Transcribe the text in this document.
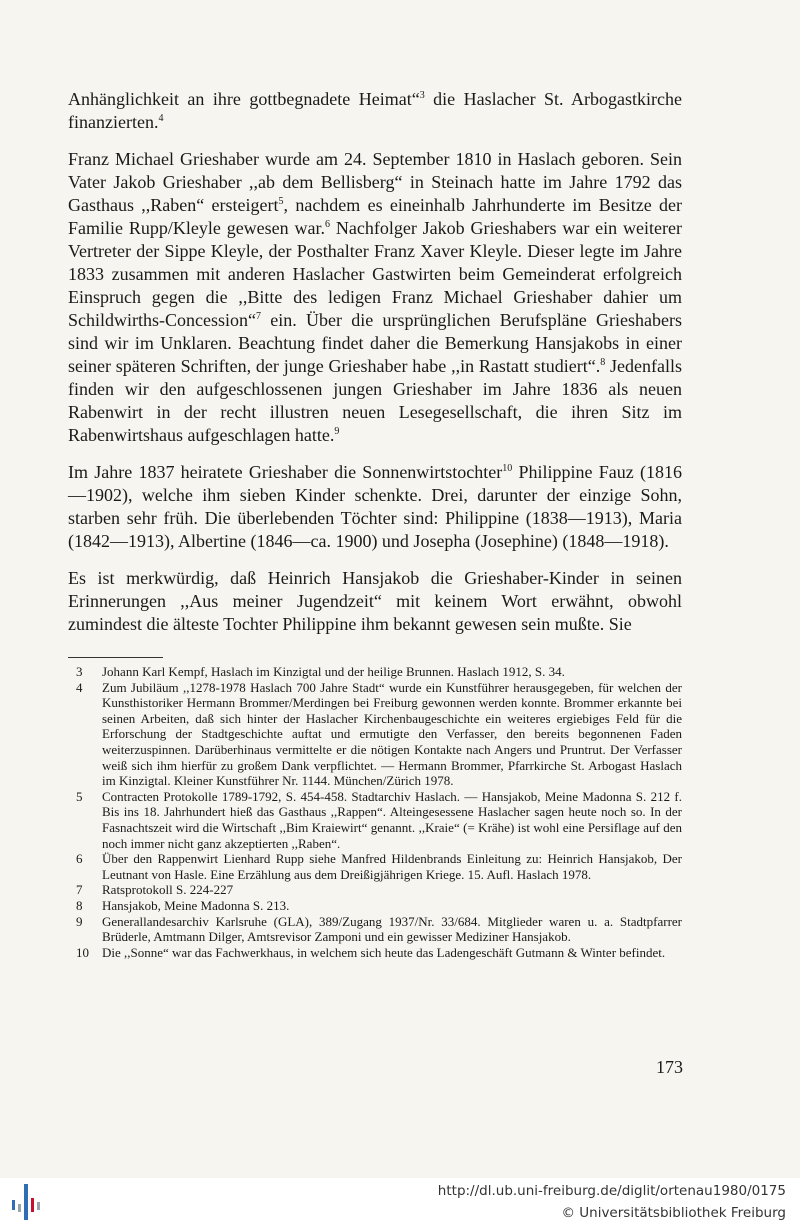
Anhänglichkeit an ihre gottbegnadete Heimat“$^3$ die Haslacher St. Arbogastkirche finanzierten.$^4$

Franz Michael Grieshaber wurde am 24. September 1810 in Haslach geboren. Sein Vater Jakob Grieshaber ,,ab dem Bellisberg“ in Steinach hatte im Jahre 1792 das Gasthaus ,,Raben“ ersteigert$^5$, nachdem es eineinhalb Jahrhunderte im Besitze der Familie Rupp/Kleyle gewesen war.$^6$ Nachfolger Jakob Grieshabers war ein weiterer Vertreter der Sippe Kleyle, der Posthalter Franz Xaver Kleyle. Dieser legte im Jahre 1833 zusammen mit anderen Haslacher Gastwirten beim Gemeinderat erfolgreich Einspruch gegen die ,,Bitte des ledigen Franz Michael Grieshaber dahier um Schildwirths-Concession“$^7$ ein. Über die ursprünglichen Berufspläne Grieshabers sind wir im Unklaren. Beachtung findet daher die Bemerkung Hansjakobs in einer seiner späteren Schriften, der junge Grieshaber habe ,,in Rastatt studiert“.$^8$ Jedenfalls finden wir den aufgeschlossenen jungen Grieshaber im Jahre 1836 als neuen Rabenwirt in der recht illustren neuen Lesegesellschaft, die ihren Sitz im Rabenwirtshaus aufgeschlagen hatte.$^9$

Im Jahre 1837 heiratete Grieshaber die Sonnenwirtstochter$^{10}$ Philippine Fauz (1816—1902), welche ihm sieben Kinder schenkte. Drei, darunter der einzige Sohn, starben sehr früh. Die überlebenden Töchter sind: Philippine (1838—1913), Maria (1842—1913), Albertine (1846—ca. 1900) und Josepha (Josephine) (1848—1918).

Es ist merkwürdig, daß Heinrich Hansjakob die Grieshaber-Kinder in seinen Erinnerungen ,,Aus meiner Jugendzeit“ mit keinem Wort erwähnt, obwohl zumindest die älteste Tochter Philippine ihm bekannt gewesen sein mußte. Sie

3	Johann Karl Kempf, Haslach im Kinzigtal und der heilige Brunnen. Haslach 1912, S. 34.
4	Zum Jubiläum ,,1278-1978 Haslach 700 Jahre Stadt“ wurde ein Kunstführer herausgegeben, für welchen der Kunsthistoriker Hermann Brommer/Merdingen bei Freiburg gewonnen werden konnte. Brommer erkannte bei seinen Arbeiten, daß sich hinter der Haslacher Kirchenbaugeschichte ein weiteres ergiebiges Feld für die Erforschung der Stadtgeschichte auftat und ermutigte den Verfasser, den bereits begonnenen Faden weiterzuspinnen. Darüberhinaus vermittelte er die nötigen Kontakte nach Angers und Pruntrut. Der Verfasser weiß sich ihm hierfür zu großem Dank verpflichtet. — Hermann Brommer, Pfarrkirche St. Arbogast Haslach im Kinzigtal. Kleiner Kunstführer Nr. 1144. München/Zürich 1978.
5	Contracten Protokolle 1789-1792, S. 454-458. Stadtarchiv Haslach. — Hansjakob, Meine Madonna S. 212 f. Bis ins 18. Jahrhundert hieß das Gasthaus ,,Rappen“. Alteingesessene Haslacher sagen heute noch so. In der Fasnachtszeit wird die Wirtschaft ,,Bim Kraiewirt“ genannt. ,,Kraie“ (= Krähe) ist wohl eine Persiflage auf den noch immer nicht ganz akzeptierten ,,Raben“.
6	Über den Rappenwirt Lienhard Rupp siehe Manfred Hildenbrands Einleitung zu: Heinrich Hansjakob, Der Leutnant von Hasle. Eine Erzählung aus dem Dreißigjährigen Kriege. 15. Aufl. Haslach 1978.
7	Ratsprotokoll S. 224-227
8	Hansjakob, Meine Madonna S. 213.
9	Generallandesarchiv Karlsruhe (GLA), 389/Zugang 1937/Nr. 33/684. Mitglieder waren u. a. Stadtpfarrer Brüderle, Amtmann Dilger, Amtsrevisor Zamponi und ein gewisser Mediziner Hansjakob.
10	Die ,,Sonne“ war das Fachwerkhaus, in welchem sich heute das Ladengeschäft Gutmann & Winter befindet.
173
http://dl.ub.uni-freiburg.de/diglit/ortenau1980/0175
© Universitätsbibliothek Freiburg
